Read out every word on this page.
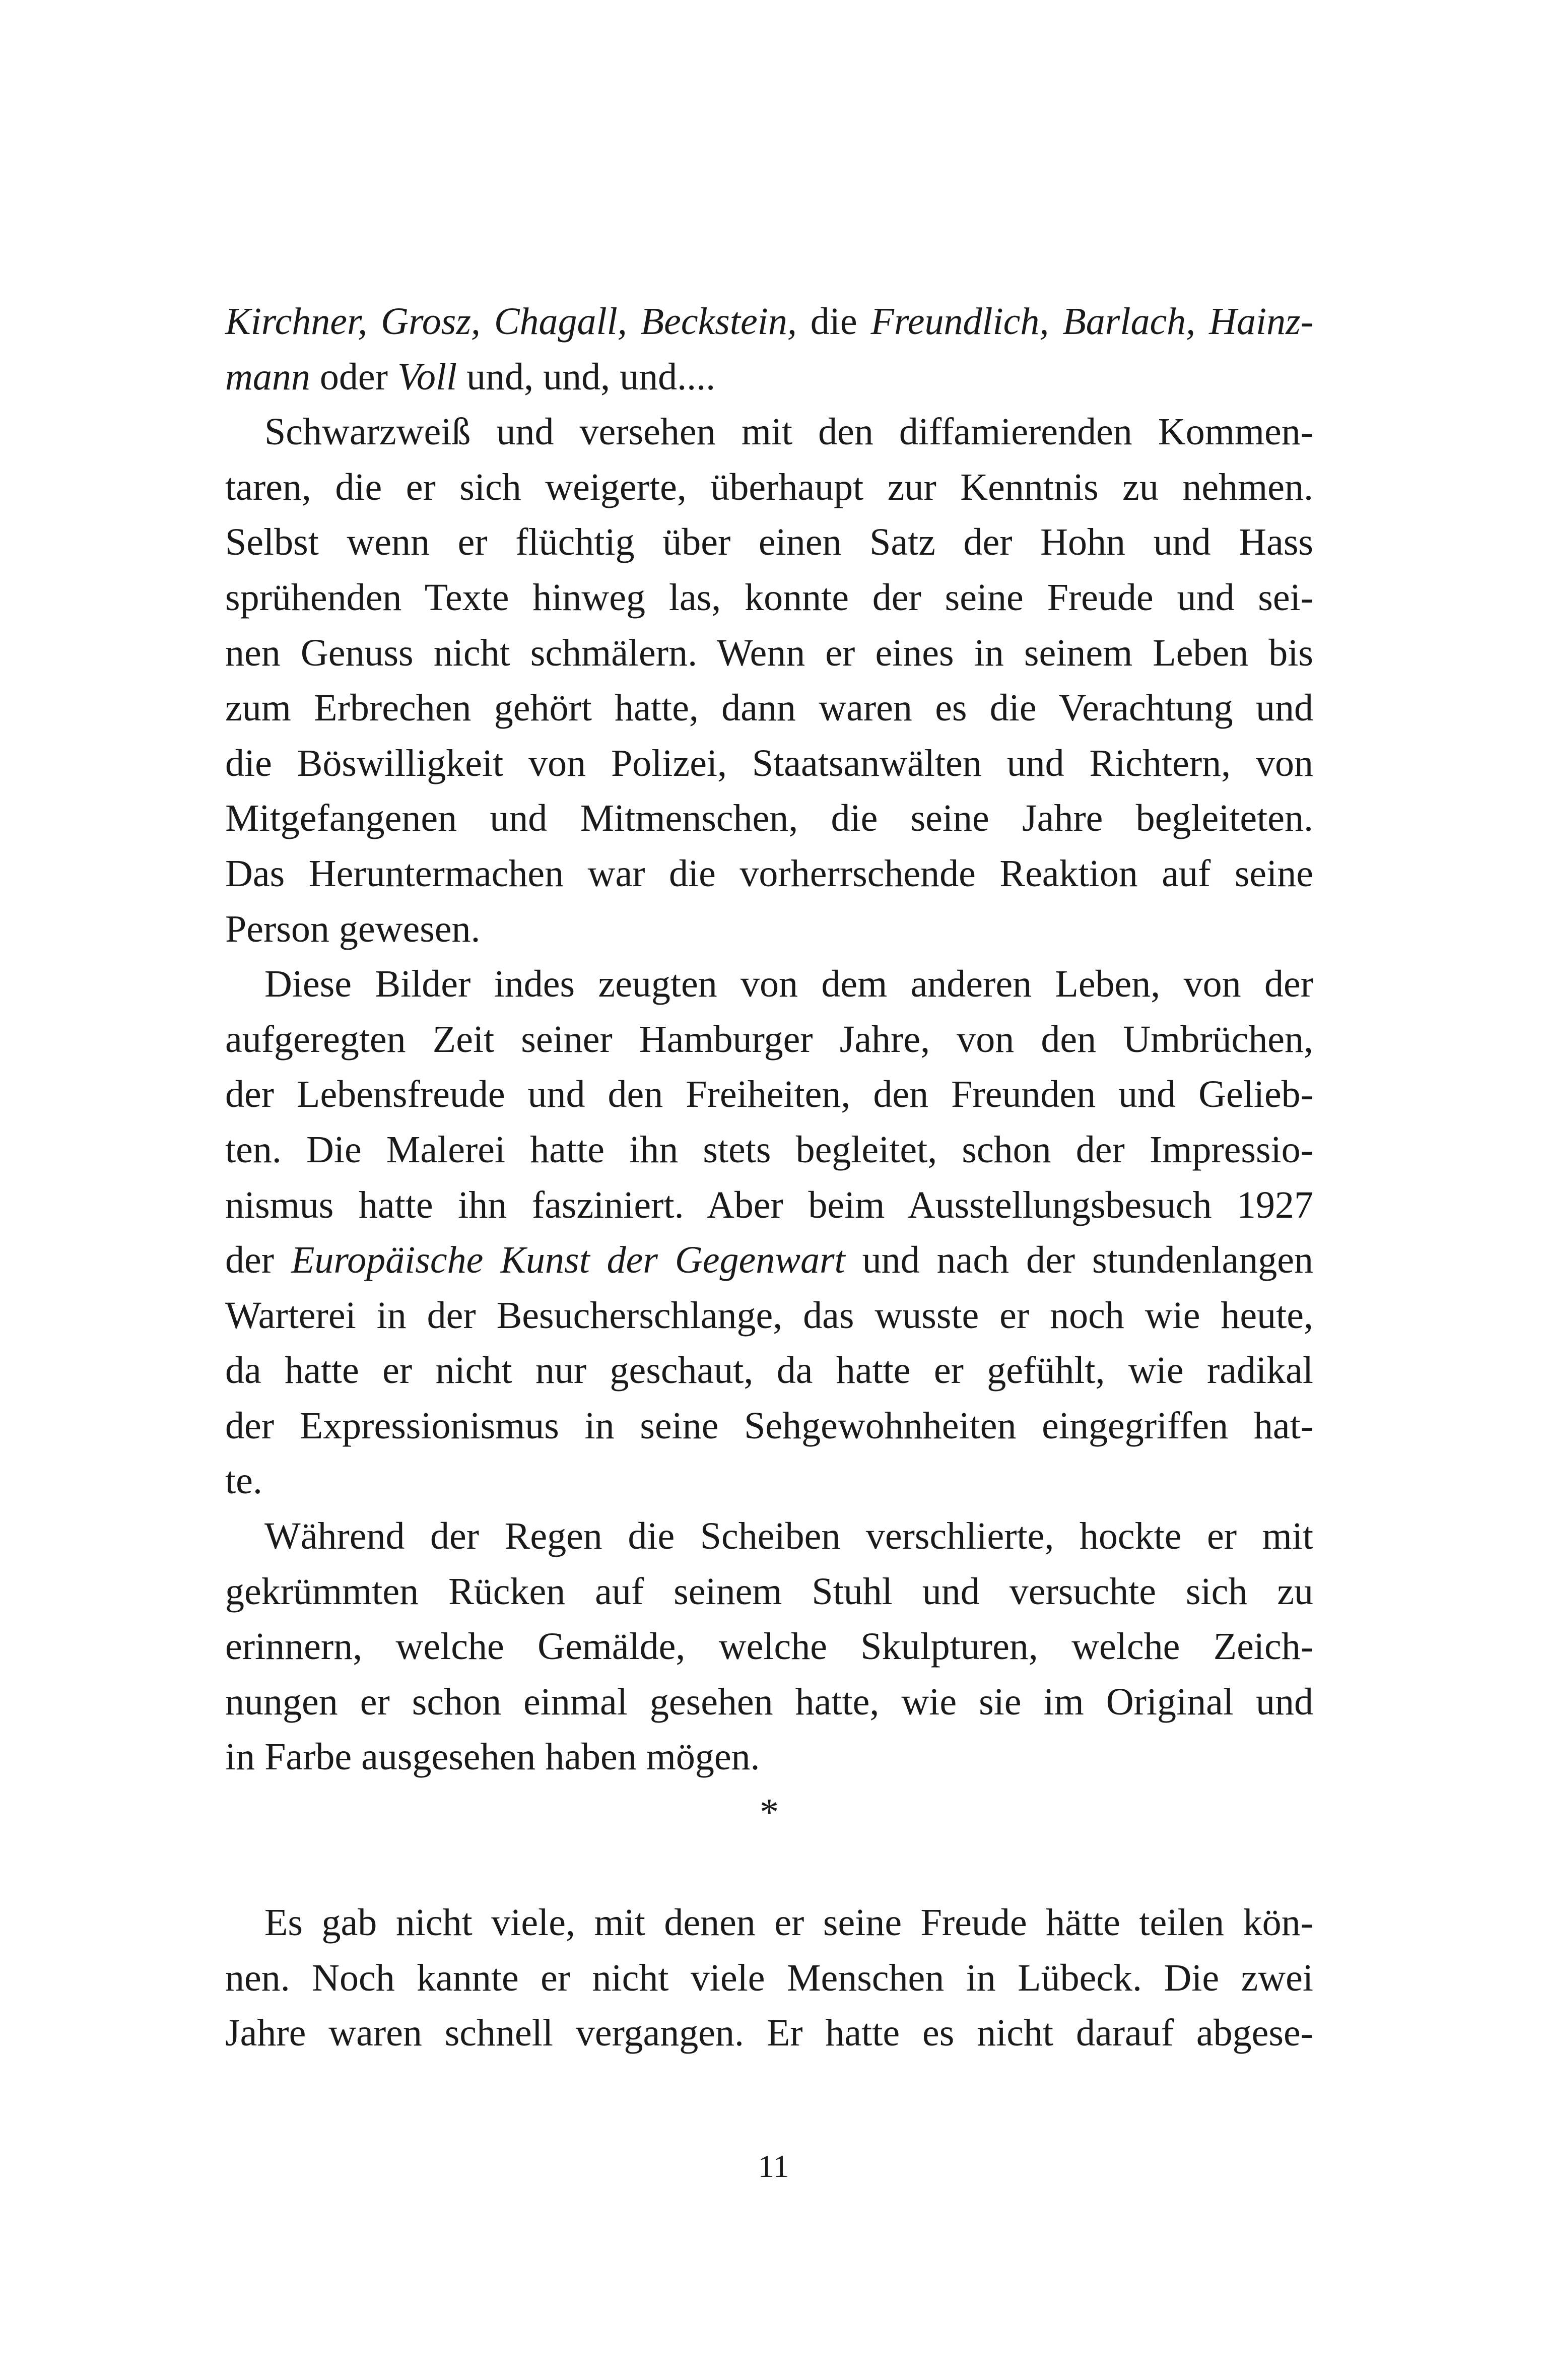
Kirchner, Grosz, Chagall, Beckstein, die Freundlich, Barlach, Hainz-
mann oder Voll und, und, und....
Schwarzweiß und versehen mit den diffamierenden Kommen-
taren, die er sich weigerte, überhaupt zur Kenntnis zu nehmen.
Selbst wenn er flüchtig über einen Satz der Hohn und Hass
sprühenden Texte hinweg las, konnte der seine Freude und sei-
nen Genuss nicht schmälern. Wenn er eines in seinem Leben bis
zum Erbrechen gehört hatte, dann waren es die Verachtung und
die Böswilligkeit von Polizei, Staatsanwälten und Richtern, von
Mitgefangenen und Mitmenschen, die seine Jahre begleiteten.
Das Heruntermachen war die vorherrschende Reaktion auf seine
Person gewesen.
Diese Bilder indes zeugten von dem anderen Leben, von der
aufgeregten Zeit seiner Hamburger Jahre, von den Umbrüchen,
der Lebensfreude und den Freiheiten, den Freunden und Gelieb-
ten. Die Malerei hatte ihn stets begleitet, schon der Impressio-
nismus hatte ihn fasziniert. Aber beim Ausstellungsbesuch 1927
der Europäische Kunst der Gegenwart und nach der stundenlangen
Warterei in der Besucherschlange, das wusste er noch wie heute,
da hatte er nicht nur geschaut, da hatte er gefühlt, wie radikal
der Expressionismus in seine Sehgewohnheiten eingegriffen hat-
te.
Während der Regen die Scheiben verschlierte, hockte er mit
gekrümmten Rücken auf seinem Stuhl und versuchte sich zu
erinnern, welche Gemälde, welche Skulpturen, welche Zeich-
nungen er schon einmal gesehen hatte, wie sie im Original und
in Farbe ausgesehen haben mögen.
*
Es gab nicht viele, mit denen er seine Freude hätte teilen kön-
nen. Noch kannte er nicht viele Menschen in Lübeck. Die zwei
Jahre waren schnell vergangen. Er hatte es nicht darauf abgese-
11
